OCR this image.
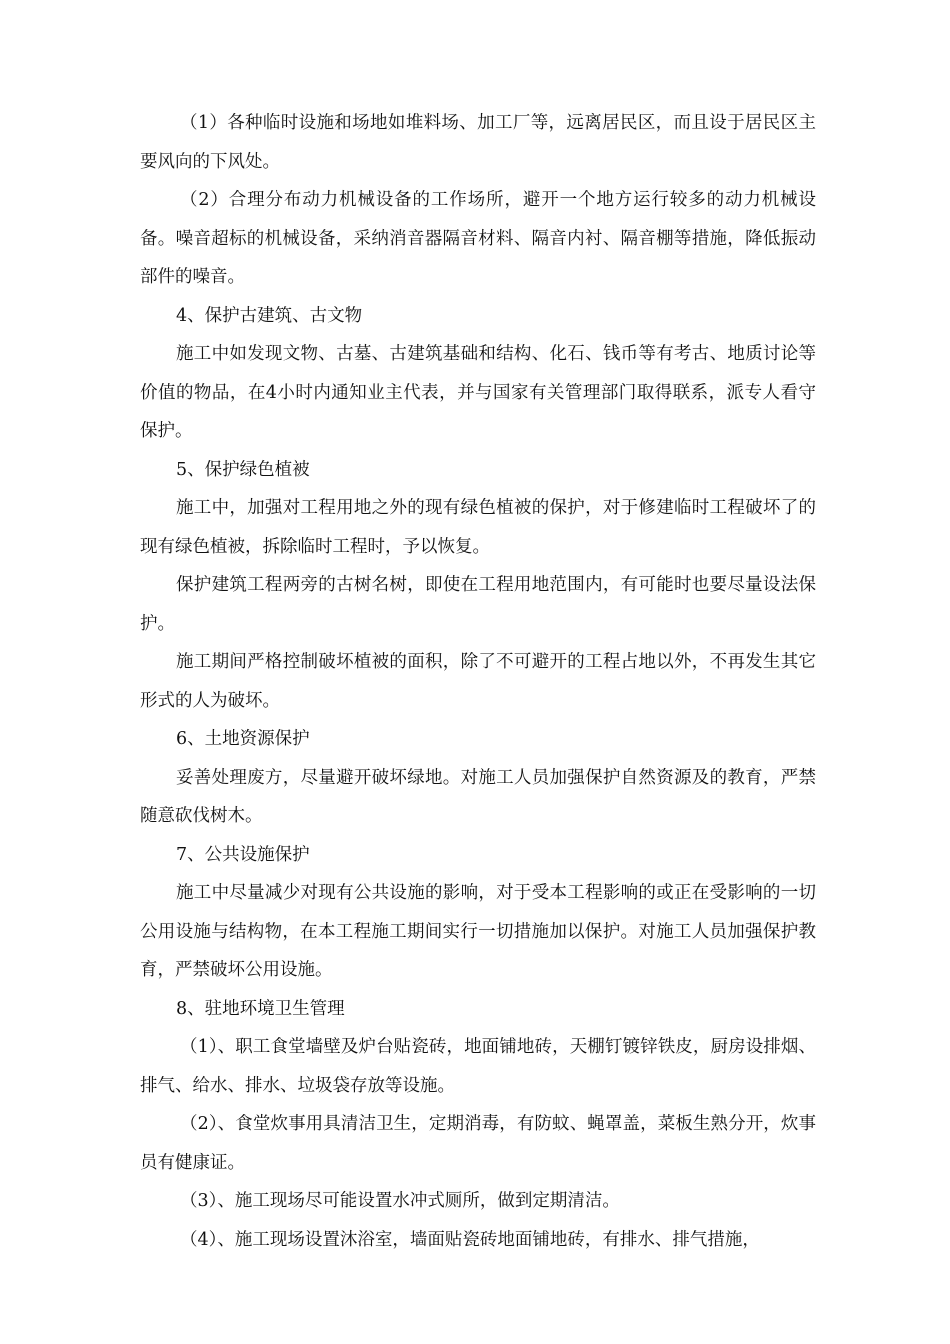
（1）各种临时设施和场地如堆料场、加工厂等，远离居民区，而且设于居民区主要风向的下风处。

（2）合理分布动力机械设备的工作场所，避开一个地方运行较多的动力机械设备。噪音超标的机械设备，采纳消音器隔音材料、隔音内衬、隔音棚等措施，降低振动部件的噪音。

4、保护古建筑、古文物

施工中如发现文物、古墓、古建筑基础和结构、化石、钱币等有考古、地质讨论等价值的物品，在4小时内通知业主代表，并与国家有关管理部门取得联系，派专人看守保护。

5、保护绿色植被

施工中，加强对工程用地之外的现有绿色植被的保护，对于修建临时工程破坏了的现有绿色植被，拆除临时工程时，予以恢复。

保护建筑工程两旁的古树名树，即使在工程用地范围内，有可能时也要尽量设法保护。

施工期间严格控制破坏植被的面积，除了不可避开的工程占地以外，不再发生其它形式的人为破坏。

6、土地资源保护

妥善处理废方，尽量避开破坏绿地。对施工人员加强保护自然资源及的教育，严禁随意砍伐树木。

7、公共设施保护

施工中尽量减少对现有公共设施的影响，对于受本工程影响的或正在受影响的一切公用设施与结构物，在本工程施工期间实行一切措施加以保护。对施工人员加强保护教育，严禁破坏公用设施。

8、驻地环境卫生管理

（1）、职工食堂墙壁及炉台贴瓷砖，地面铺地砖，天棚钉镀锌铁皮，厨房设排烟、排气、给水、排水、垃圾袋存放等设施。

（2）、食堂炊事用具清洁卫生，定期消毒，有防蚊、蝇罩盖，菜板生熟分开，炊事员有健康证。

（3）、施工现场尽可能设置水冲式厕所，做到定期清洁。

（4）、施工现场设置沐浴室，墙面贴瓷砖地面铺地砖，有排水、排气措施，
